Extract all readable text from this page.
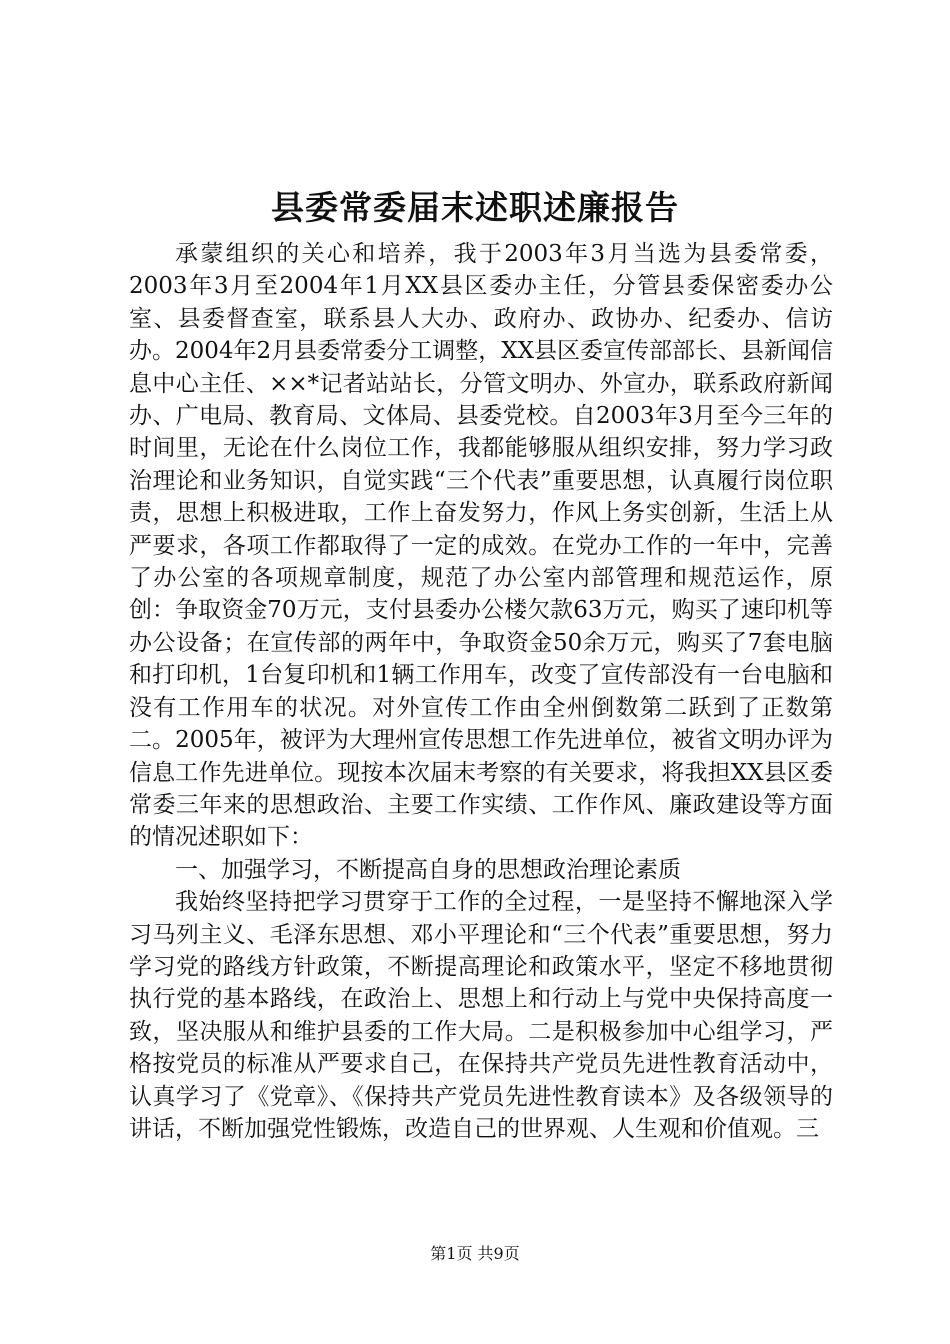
县委常委届末述职述廉报告

承蒙组织的关心和培养，我于2003年3月当选为县委常委，2003年3月至2004年1月XX县区委办主任，分管县委保密委办公室、县委督查室，联系县人大办、政府办、政协办、纪委办、信访办。2004年2月县委常委分工调整，XX县区委宣传部部长、县新闻信息中心主任、××*记者站站长，分管文明办、外宣办，联系政府新闻办、广电局、教育局、文体局、县委党校。自2003年3月至今三年的时间里，无论在什么岗位工作，我都能够服从组织安排，努力学习政治理论和业务知识，自觉实践“三个代表”重要思想，认真履行岗位职责，思想上积极进取，工作上奋发努力，作风上务实创新，生活上从严要求，各项工作都取得了一定的成效。在党办工作的一年中，完善了办公室的各项规章制度，规范了办公室内部管理和规范运作，原创：争取资金70万元，支付县委办公楼欠款63万元，购买了速印机等办公设备；在宣传部的两年中，争取资金50余万元，购买了7套电脑和打印机，1台复印机和1辆工作用车，改变了宣传部没有一台电脑和没有工作用车的状况。对外宣传工作由全州倒数第二跃到了正数第二。2005年，被评为大理州宣传思想工作先进单位，被省文明办评为信息工作先进单位。现按本次届末考察的有关要求，将我担XX县区委常委三年来的思想政治、主要工作实绩、工作作风、廉政建设等方面的情况述职如下：

一、加强学习，不断提高自身的思想政治理论素质

我始终坚持把学习贯穿于工作的全过程，一是坚持不懈地深入学习马列主义、毛泽东思想、邓小平理论和“三个代表”重要思想，努力学习党的路线方针政策，不断提高理论和政策水平，坚定不移地贯彻执行党的基本路线，在政治上、思想上和行动上与党中央保持高度一致，坚决服从和维护县委的工作大局。二是积极参加中心组学习，严格按党员的标准从严要求自己，在保持共产党员先进性教育活动中，认真学习了《党章》、《保持共产党员先进性教育读本》及各级领导的讲话，不断加强党性锻炼，改造自己的世界观、人生观和价值观。三

第1页 共9页
